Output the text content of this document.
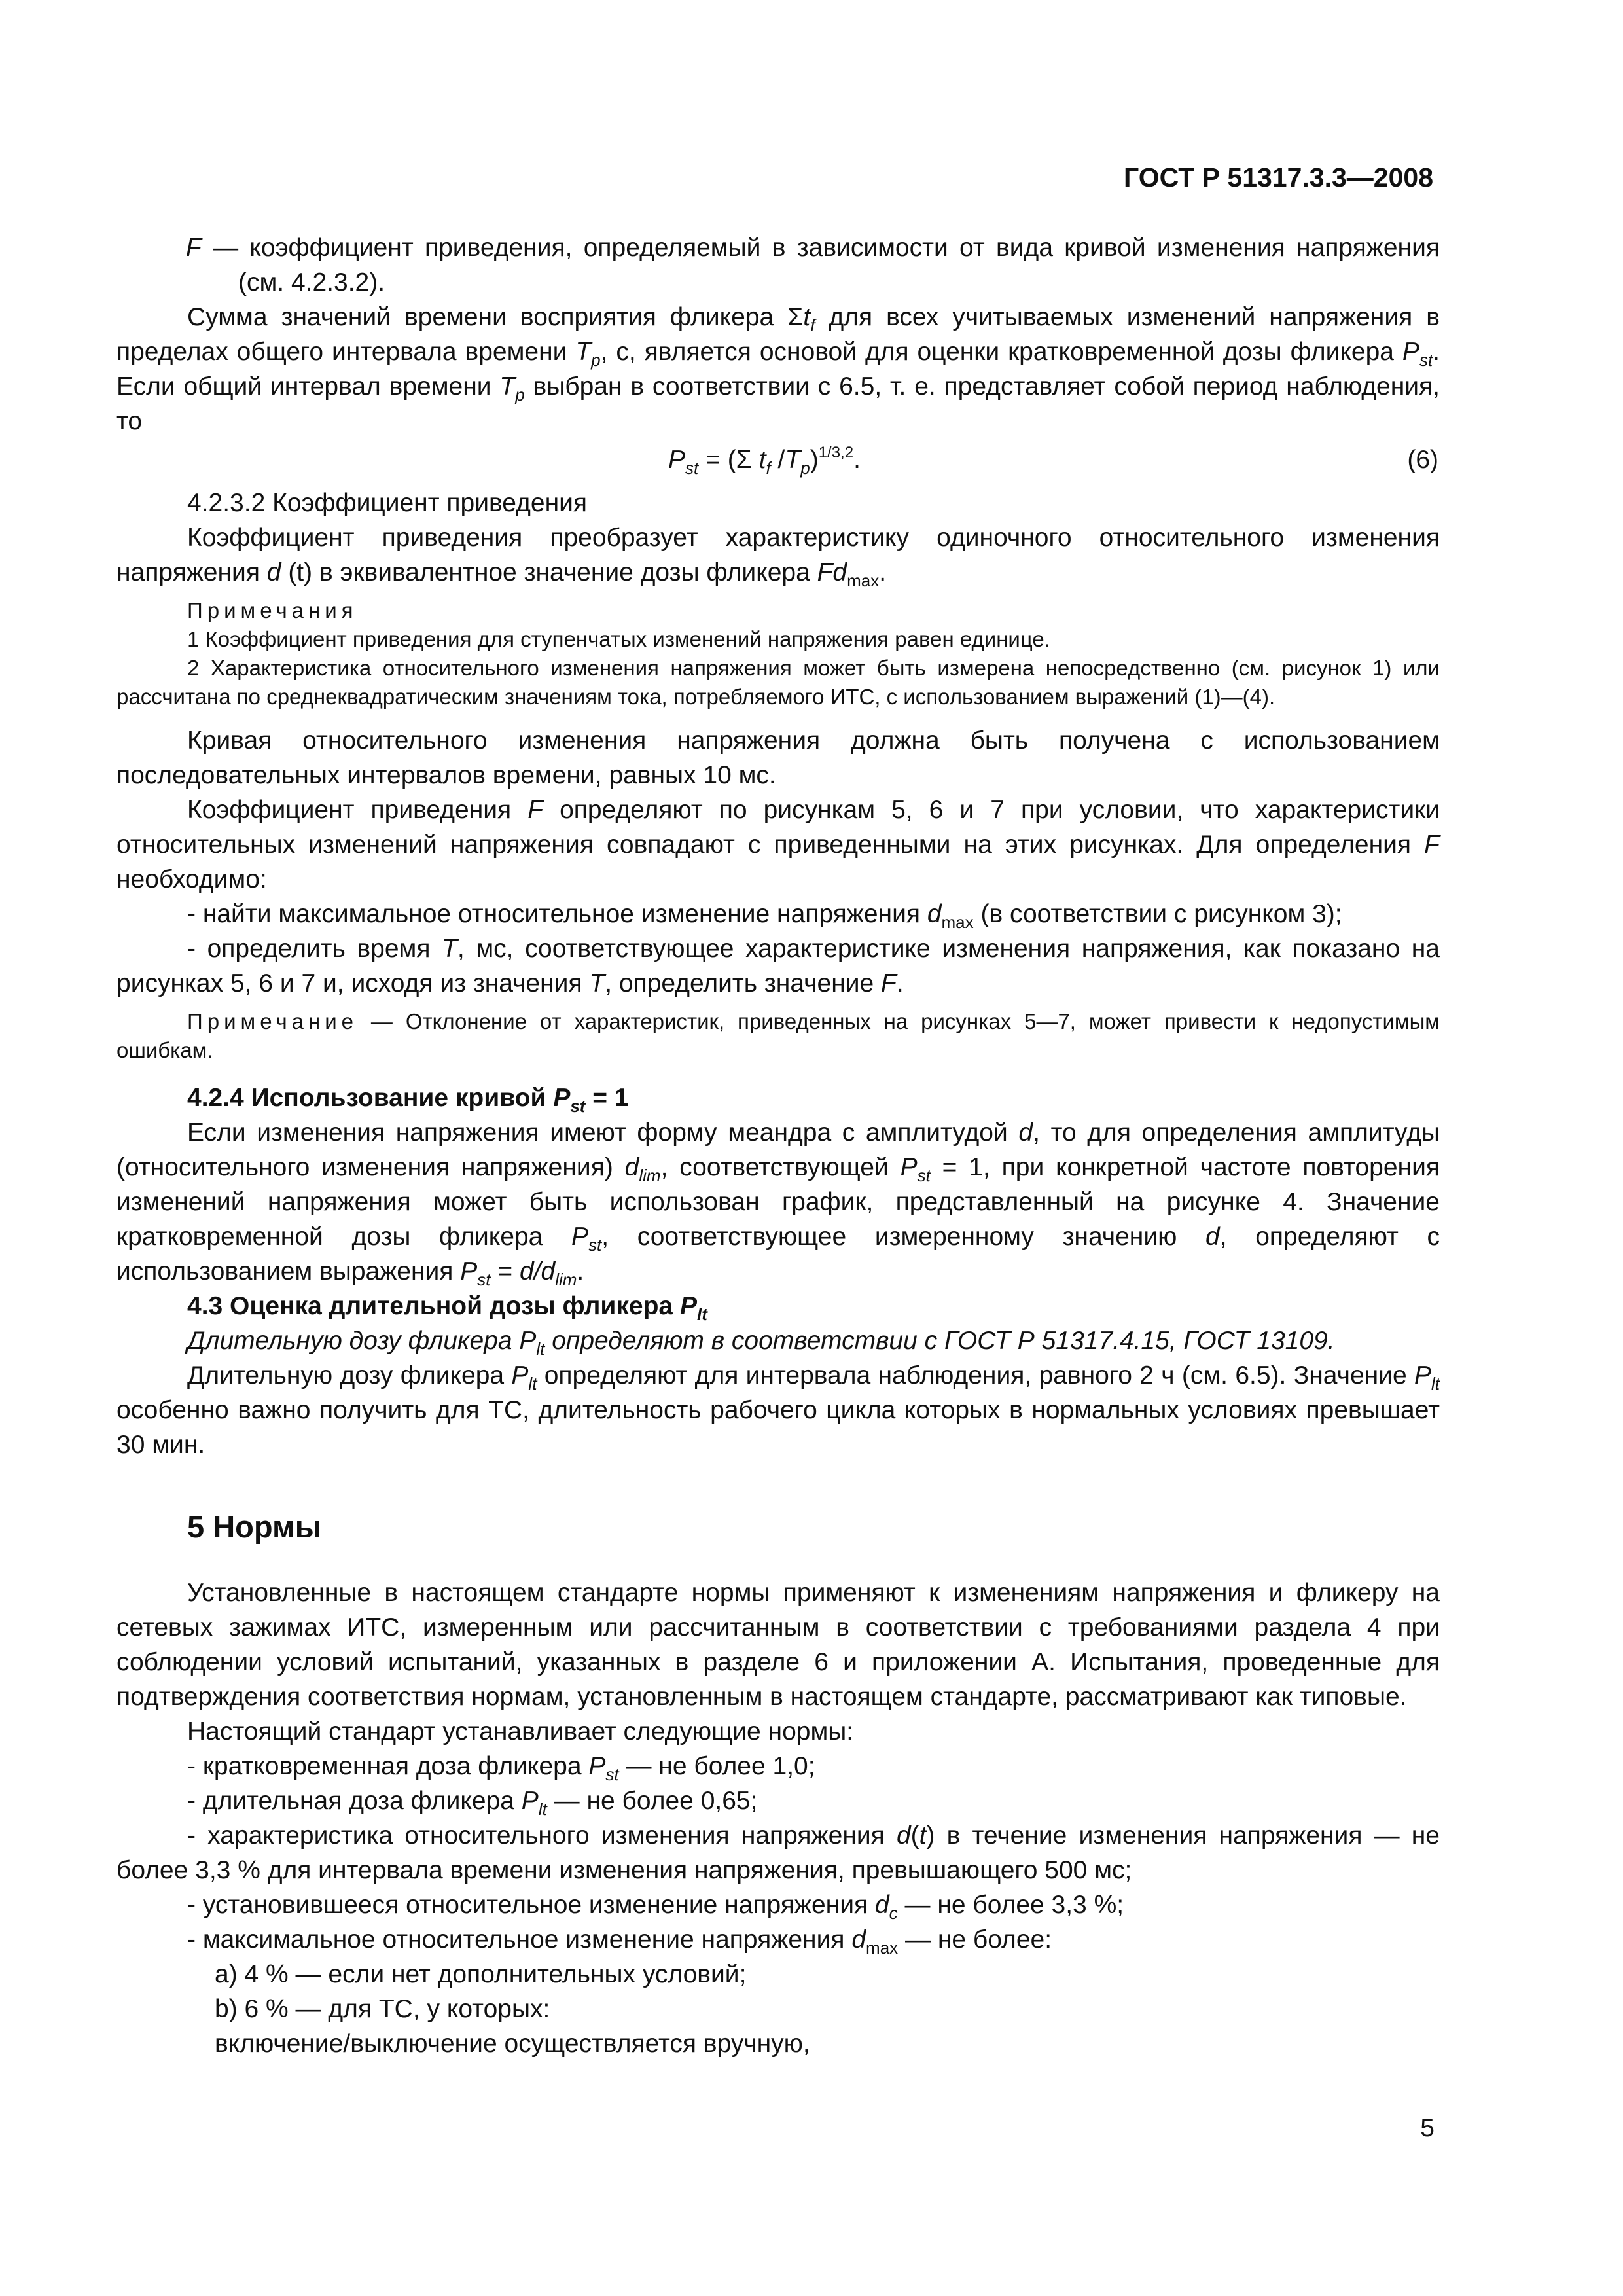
ГОСТ Р 51317.3.3—2008

F — коэффициент приведения, определяемый в зависимости от вида кривой изменения напряжения (см. 4.2.3.2).

Сумма значений времени восприятия фликера $\Sigma t_f$ для всех учитываемых изменений напряжения в пределах общего интервала времени $T_p$, с, является основой для оценки кратковременной дозы фликера $P_{st}$. Если общий интервал времени $T_p$ выбран в соответствии с 6.5, т. е. представляет собой период наблюдения, то

$P_{st} = (\Sigma$ $t_f$ $/T_p)^{1/3,2}$.	(6)

4.2.3.2 Коэффициент приведения

Коэффициент приведения преобразует характеристику одиночного относительного изменения напряжения d (t) в эквивалентное значение дозы фликера $Fd_{max}$.

Примечания

1 Коэффициент приведения для ступенчатых изменений напряжения равен единице.

2 Характеристика относительного изменения напряжения может быть измерена непосредственно (см. рисунок 1) или рассчитана по среднеквадратическим значениям тока, потребляемого ИТС, с использованием выражений (1)—(4).

Кривая относительного изменения напряжения должна быть получена с использованием последовательных интервалов времени, равных 10 мс.

Коэффициент приведения F определяют по рисункам 5, 6 и 7 при условии, что характеристики относительных изменений напряжения совпадают с приведенными на этих рисунках. Для определения F необходимо:

- найти максимальное относительное изменение напряжения $d_{max}$ (в соответствии с рисунком 3);

- определить время T, мс, соответствующее характеристике изменения напряжения, как показано на рисунках 5, 6 и 7 и, исходя из значения T, определить значение F.

Примечание — Отклонение от характеристик, приведенных на рисунках 5—7, может привести к недопустимым ошибкам.

4.2.4 Использование кривой $P_{st} = 1$

Если изменения напряжения имеют форму меандра с амплитудой d, то для определения амплитуды (относительного изменения напряжения) $d_{lim}$, соответствующей $P_{st} = 1$, при конкретной частоте повторения изменений напряжения может быть использован график, представленный на рисунке 4. Значение кратковременной дозы фликера $P_{st}$, соответствующее измеренному значению d, определяют с использованием выражения $P_{st} = d/d_{lim}$.

4.3 Оценка длительной дозы фликера $P_{lt}$

Длительную дозу фликера $P_{lt}$ определяют в соответствии с ГОСТ Р 51317.4.15, ГОСТ 13109.

Длительную дозу фликера $P_{lt}$ определяют для интервала наблюдения, равного 2 ч (см. 6.5). Значение $P_{lt}$ особенно важно получить для ТС, длительность рабочего цикла которых в нормальных условиях превышает 30 мин.

5 Нормы

Установленные в настоящем стандарте нормы применяют к изменениям напряжения и фликеру на сетевых зажимах ИТС, измеренным или рассчитанным в соответствии с требованиями раздела 4 при соблюдении условий испытаний, указанных в разделе 6 и приложении А. Испытания, проведенные для подтверждения соответствия нормам, установленным в настоящем стандарте, рассматривают как типовые.

Настоящий стандарт устанавливает следующие нормы:

- кратковременная доза фликера $P_{st}$ — не более 1,0;

- длительная доза фликера $P_{lt}$ — не более 0,65;

- характеристика относительного изменения напряжения d(t) в течение изменения напряжения — не более 3,3 % для интервала времени изменения напряжения, превышающего 500 мс;

- установившееся относительное изменение напряжения $d_c$ — не более 3,3 %;

- максимальное относительное изменение напряжения $d_{max}$ — не более:

a) 4 % — если нет дополнительных условий;

b) 6 % — для ТС, у которых:

включение/выключение осуществляется вручную,

5
